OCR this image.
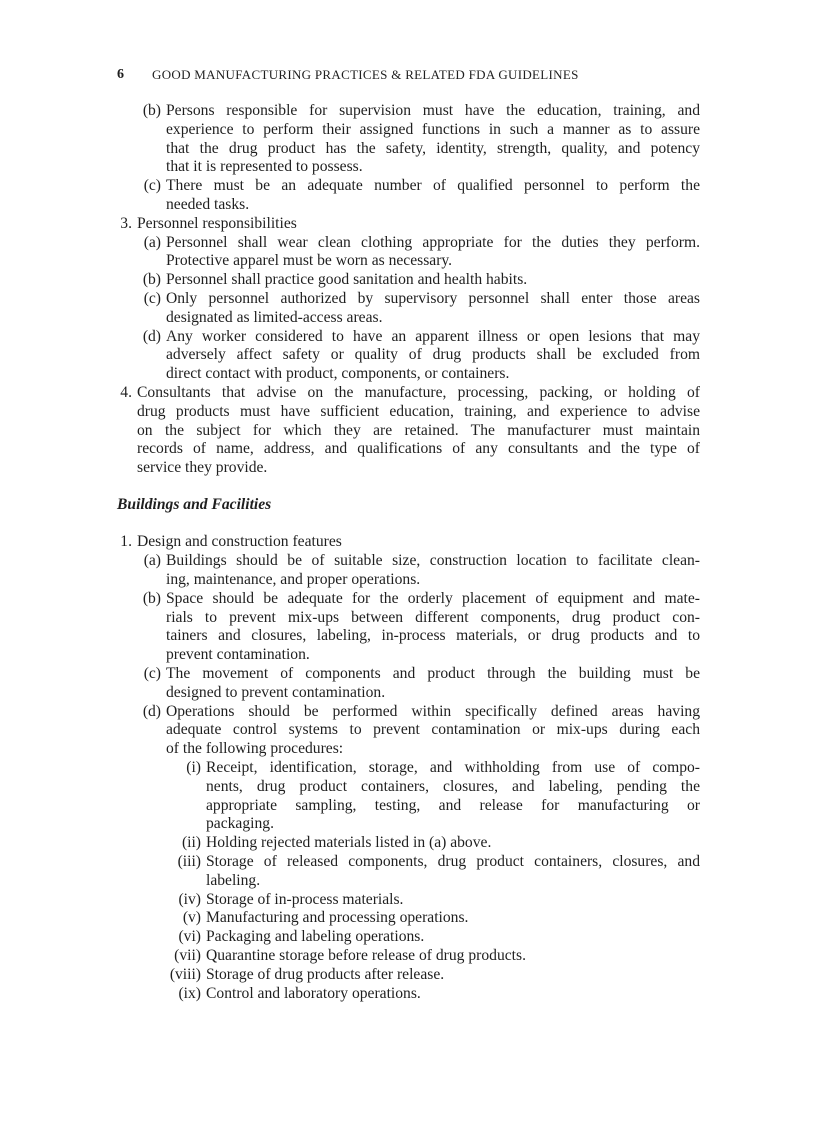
6 GOOD MANUFACTURING PRACTICES & RELATED FDA GUIDELINES
(b) Persons responsible for supervision must have the education, training, and
experience to perform their assigned functions in such a manner as to assure
that the drug product has the safety, identity, strength, quality, and potency
that it is represented to possess.
(c) There must be an adequate number of qualified personnel to perform the
needed tasks.
3. Personnel responsibilities
(a) Personnel shall wear clean clothing appropriate for the duties they perform.
Protective apparel must be worn as necessary.
(b) Personnel shall practice good sanitation and health habits.
(c) Only personnel authorized by supervisory personnel shall enter those areas
designated as limited-access areas.
(d) Any worker considered to have an apparent illness or open lesions that may
adversely affect safety or quality of drug products shall be excluded from
direct contact with product, components, or containers.
4. Consultants that advise on the manufacture, processing, packing, or holding of
drug products must have sufficient education, training, and experience to advise
on the subject for which they are retained. The manufacturer must maintain
records of name, address, and qualifications of any consultants and the type of
service they provide.
Buildings and Facilities
1. Design and construction features
(a) Buildings should be of suitable size, construction location to facilitate clean-
ing, maintenance, and proper operations.
(b) Space should be adequate for the orderly placement of equipment and mate-
rials to prevent mix-ups between different components, drug product con-
tainers and closures, labeling, in-process materials, or drug products and to
prevent contamination.
(c) The movement of components and product through the building must be
designed to prevent contamination.
(d) Operations should be performed within specifically defined areas having
adequate control systems to prevent contamination or mix-ups during each
of the following procedures:
(i) Receipt, identification, storage, and withholding from use of compo-
nents, drug product containers, closures, and labeling, pending the
appropriate sampling, testing, and release for manufacturing or
packaging.
(ii) Holding rejected materials listed in (a) above.
(iii) Storage of released components, drug product containers, closures, and
labeling.
(iv) Storage of in-process materials.
(v) Manufacturing and processing operations.
(vi) Packaging and labeling operations.
(vii) Quarantine storage before release of drug products.
(viii) Storage of drug products after release.
(ix) Control and laboratory operations.
